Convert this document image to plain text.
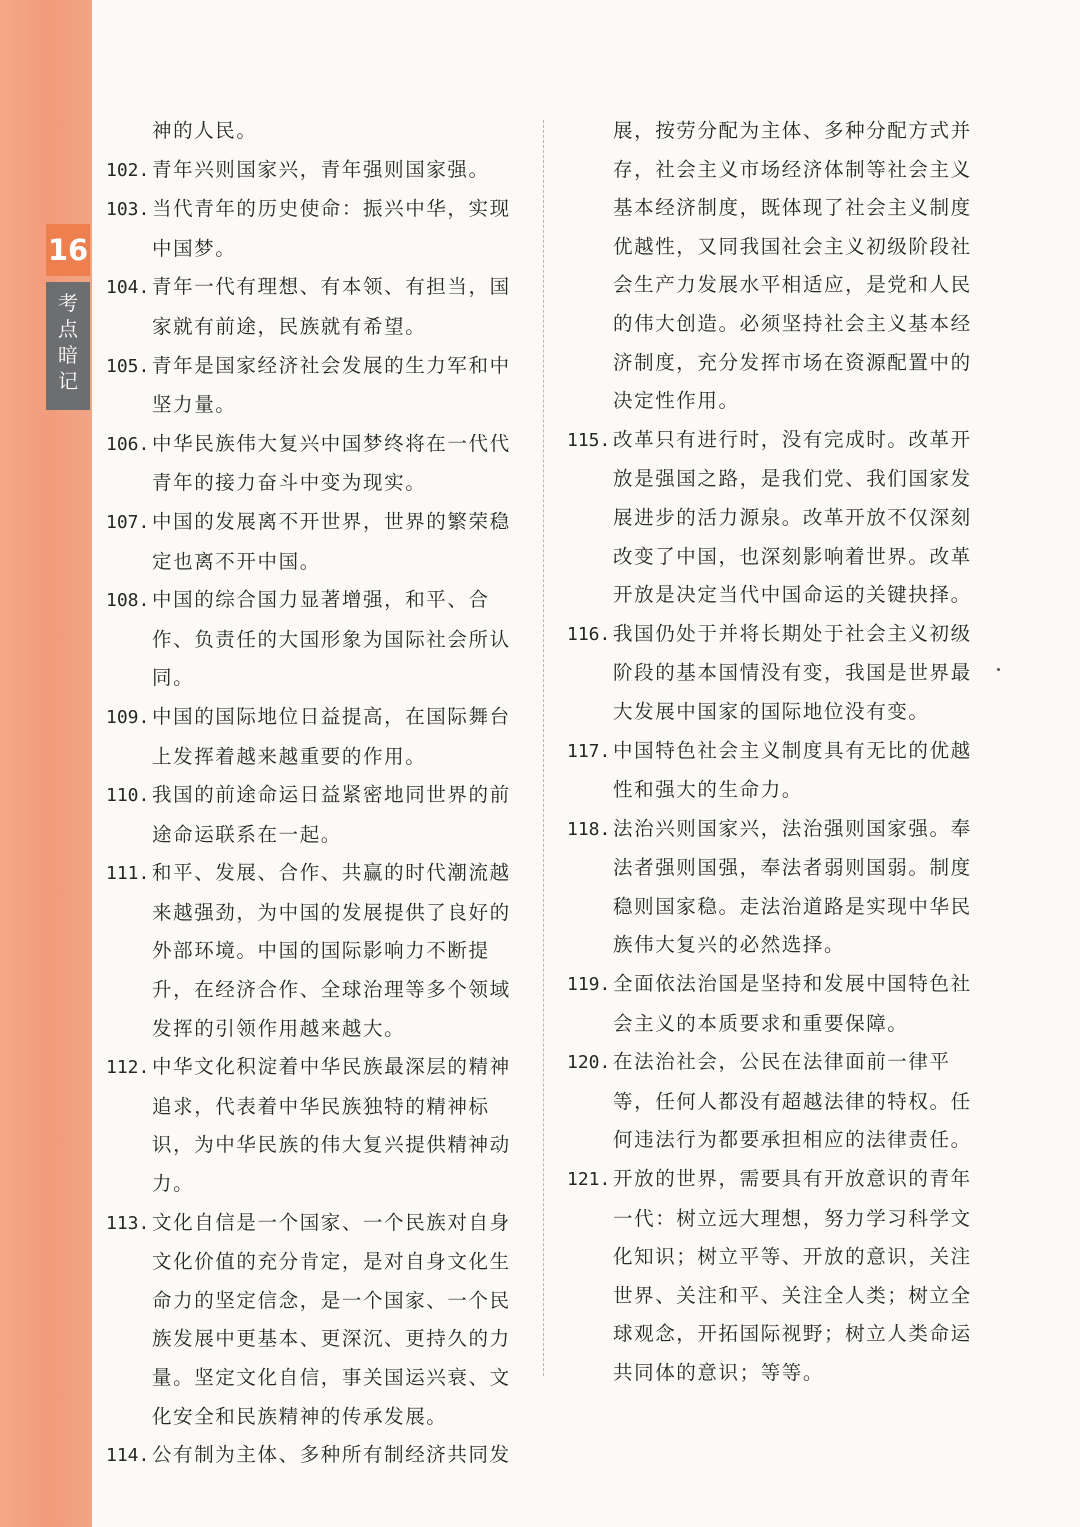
16
考
点
暗
记

神的人民。

102. 青年兴则国家兴，青年强则国家强。

103. 当代青年的历史使命：振兴中华，实现中国梦。

104. 青年一代有理想、有本领、有担当，国家就有前途，民族就有希望。

105. 青年是国家经济社会发展的生力军和中坚力量。

106. 中华民族伟大复兴中国梦终将在一代代青年的接力奋斗中变为现实。

107. 中国的发展离不开世界，世界的繁荣稳定也离不开中国。

108. 中国的综合国力显著增强，和平、合作、负责任的大国形象为国际社会所认同。

109. 中国的国际地位日益提高，在国际舞台上发挥着越来越重要的作用。

110. 我国的前途命运日益紧密地同世界的前途命运联系在一起。

111. 和平、发展、合作、共赢的时代潮流越来越强劲，为中国的发展提供了良好的外部环境。中国的国际影响力不断提升，在经济合作、全球治理等多个领域发挥的引领作用越来越大。

112. 中华文化积淀着中华民族最深层的精神追求，代表着中华民族独特的精神标识，为中华民族的伟大复兴提供精神动力。

113. 文化自信是一个国家、一个民族对自身文化价值的充分肯定，是对自身文化生命力的坚定信念，是一个国家、一个民族发展中更基本、更深沉、更持久的力量。坚定文化自信，事关国运兴衰、文化安全和民族精神的传承发展。

114. 公有制为主体、多种所有制经济共同发

展，按劳分配为主体、多种分配方式并存，社会主义市场经济体制等社会主义基本经济制度，既体现了社会主义制度优越性，又同我国社会主义初级阶段社会生产力发展水平相适应，是党和人民的伟大创造。必须坚持社会主义基本经济制度，充分发挥市场在资源配置中的决定性作用。

115. 改革只有进行时，没有完成时。改革开放是强国之路，是我们党、我们国家发展进步的活力源泉。改革开放不仅深刻改变了中国，也深刻影响着世界。改革开放是决定当代中国命运的关键抉择。

116. 我国仍处于并将长期处于社会主义初级阶段的基本国情没有变，我国是世界最大发展中国家的国际地位没有变。

117. 中国特色社会主义制度具有无比的优越性和强大的生命力。

118. 法治兴则国家兴，法治强则国家强。奉法者强则国强，奉法者弱则国弱。制度稳则国家稳。走法治道路是实现中华民族伟大复兴的必然选择。

119. 全面依法治国是坚持和发展中国特色社会主义的本质要求和重要保障。

120. 在法治社会，公民在法律面前一律平等，任何人都没有超越法律的特权。任何违法行为都要承担相应的法律责任。

121. 开放的世界，需要具有开放意识的青年一代：树立远大理想，努力学习科学文化知识；树立平等、开放的意识，关注世界、关注和平、关注全人类；树立全球观念，开拓国际视野；树立人类命运共同体的意识；等等。
